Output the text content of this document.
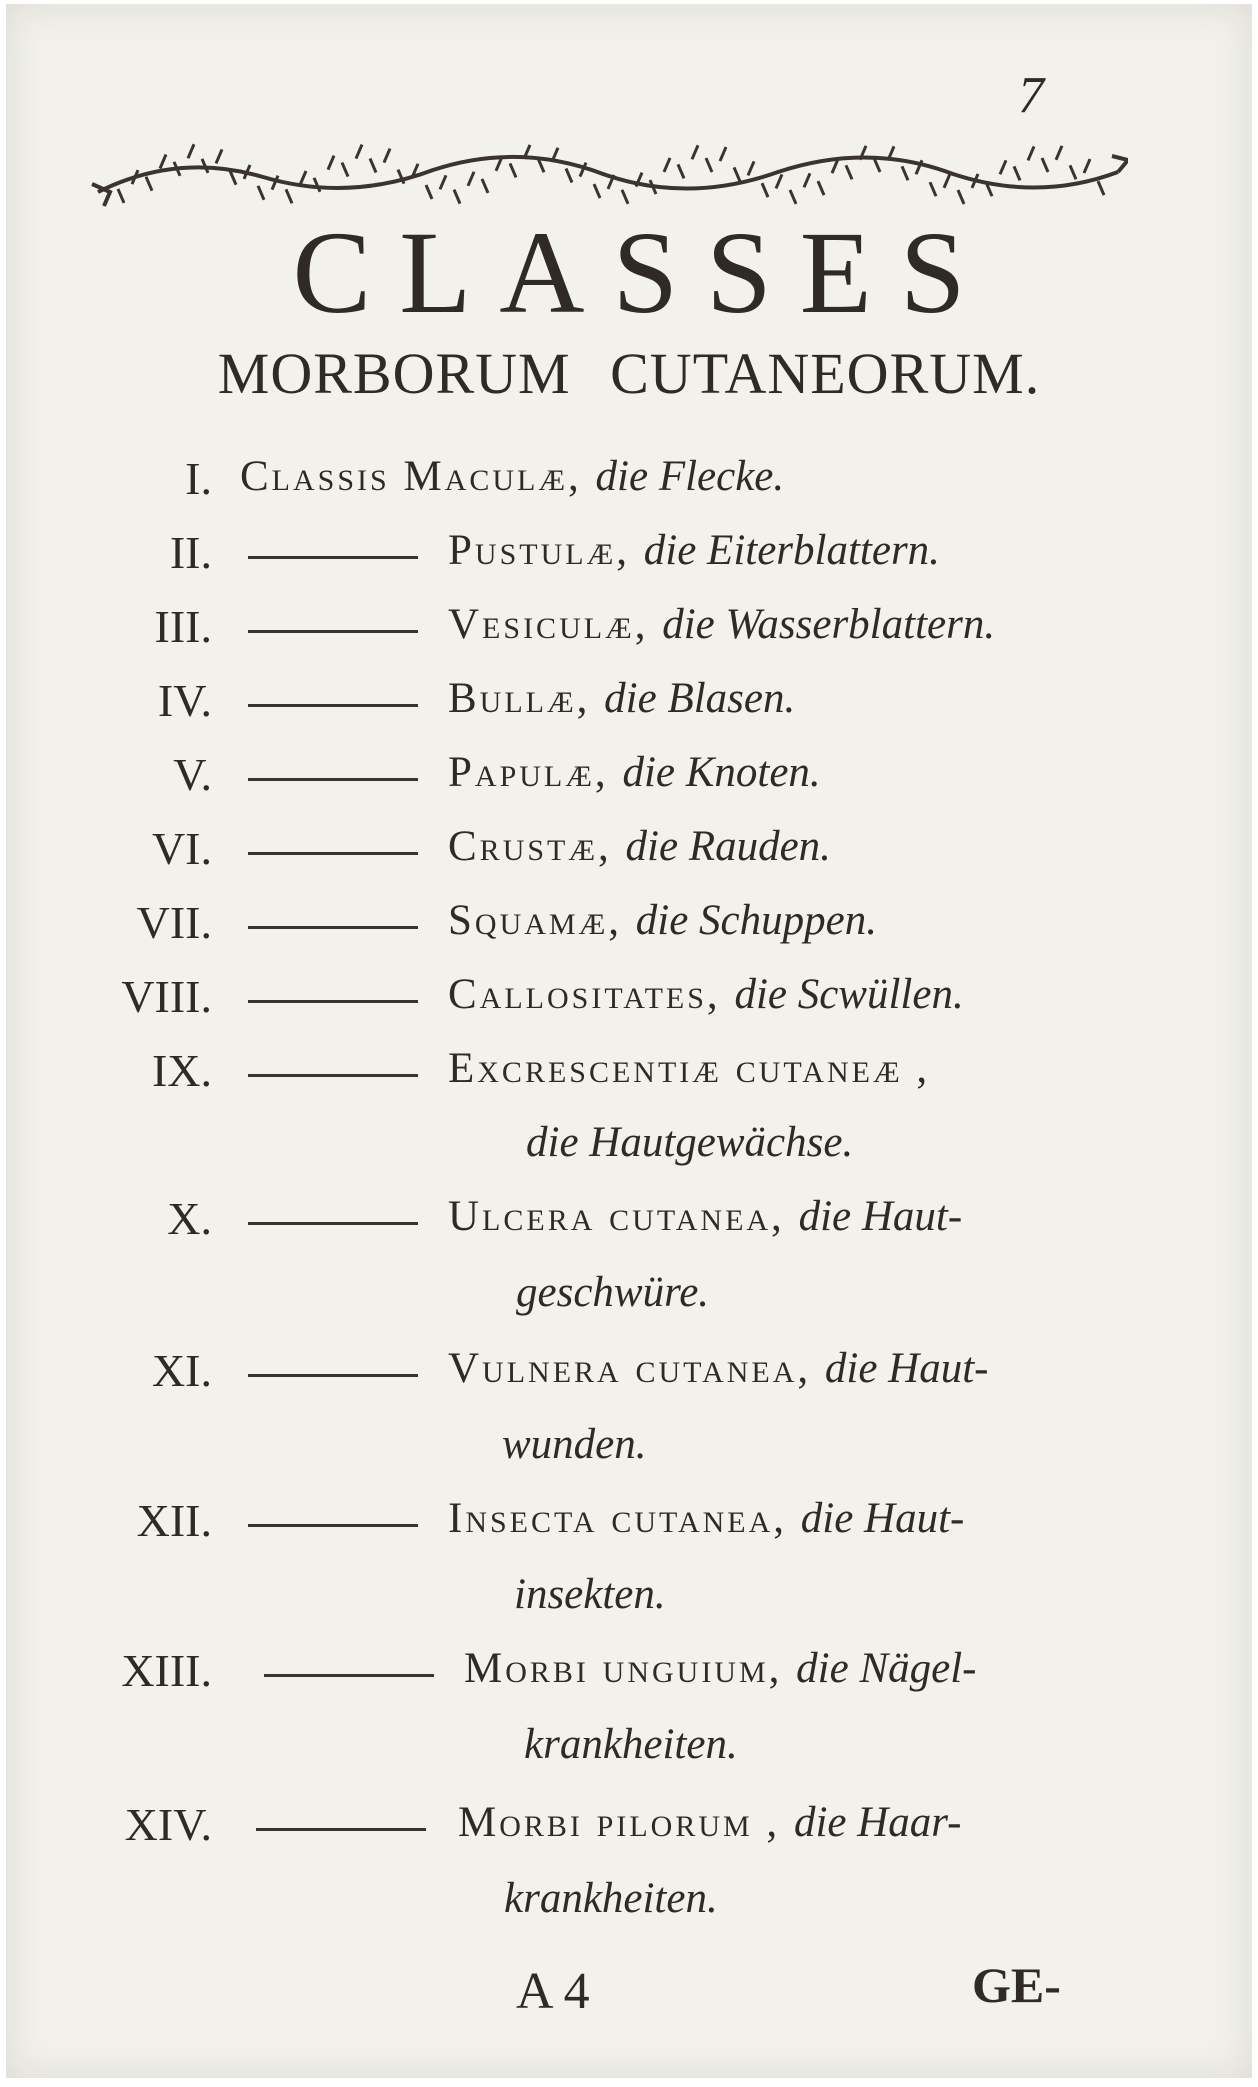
7
CLASSES
MORBORUM CUTANEORUM.
I. Classis Maculæ, die Flecke.
II.	Pustulæ, die Eiterblattern.
III.	Vesiculæ, die Wasserblattern.
IV.	Bullæ, die Blasen.
V.	Papulæ, die Knoten.
VI.	Crustæ, die Rauden.
VII.	Squamæ, die Schuppen.
VIII.	Callositates, die Scwüllen.
IX.	Excrescentiæ cutaneæ ,
die Hautgewächse.
X.	Ulcera cutanea, die Haut-
geschwüre.
XI.	Vulnera cutanea, die Haut-
wunden.
XII.	Insecta cutanea, die Haut-
insekten.
XIII.	Morbi unguium, die Nägel-
krankheiten.
XIV.	Morbi pilorum , die Haar-
krankheiten.
A 4	GE-
